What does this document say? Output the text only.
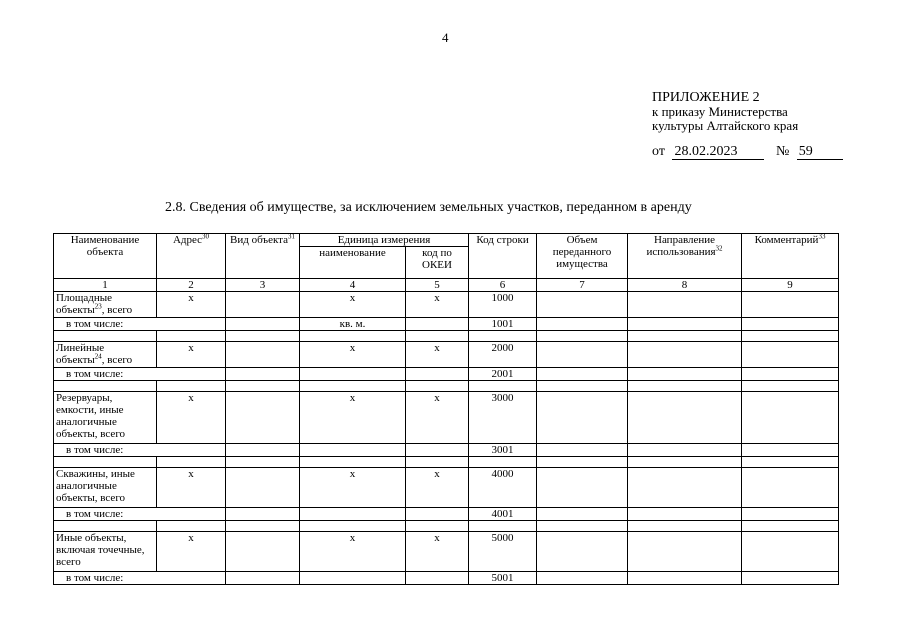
4
ПРИЛОЖЕНИЕ 2
к приказу Министерства
культуры Алтайского края
от 28.02.2023	№ 59
2.8. Сведения об имуществе, за исключением земельных участков, переданном в аренду
Наименование объекта	Адрес$^{30}$	Вид объекта$^{31}$	Единица измерения		Код строки	Объем переданного имущества	Направление использования$^{32}$	Комментарий$^{33}$
			наименование	код по ОКЕИ				
1	2	3	4	5	6	7	8	9
Площадные объекты$^{23}$, всего	х		х	х	1000			
в том числе:			кв. м.		1001			

Линейные объекты$^{24}$, всего	х		х	х	2000			
в том числе:					2001			

Резервуары, емкости, иные аналогичные объекты, всего	х		х	х	3000			
в том числе:					3001			

Скважины, иные аналогичные объекты, всего	х		х	х	4000			
в том числе:					4001			

Иные объекты, включая точечные, всего	х		х	х	5000			
в том числе:					5001			
